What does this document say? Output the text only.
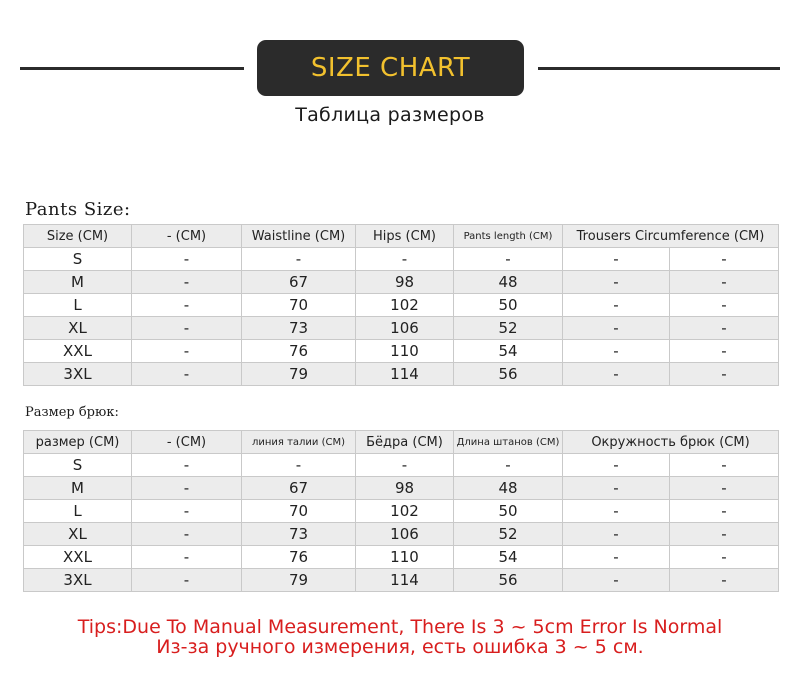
SIZE CHART
Таблица размеров
Pants Size:
Size (CM)	- (CM)	Waistline (CM)	Hips (CM)	Pants length (CM)	Trousers Circumference (CM)	
S	-	-	-	-	-	-
M	-	67	98	48	-	-
L	-	70	102	50	-	-
XL	-	73	106	52	-	-
XXL	-	76	110	54	-	-
3XL	-	79	114	56	-	-
Размер брюк:
размер (CM)	- (CM)	линия талии (CM)	Бёдра (CM)	Длина штанов (CM)	Окружность брюк (CM)	
S	-	-	-	-	-	-
M	-	67	98	48	-	-
L	-	70	102	50	-	-
XL	-	73	106	52	-	-
XXL	-	76	110	54	-	-
3XL	-	79	114	56	-	-
Tips:Due To Manual Measurement, There Is 3 ~ 5cm Error Is Normal
Из-за ручного измерения, есть ошибка 3 ~ 5 см.
